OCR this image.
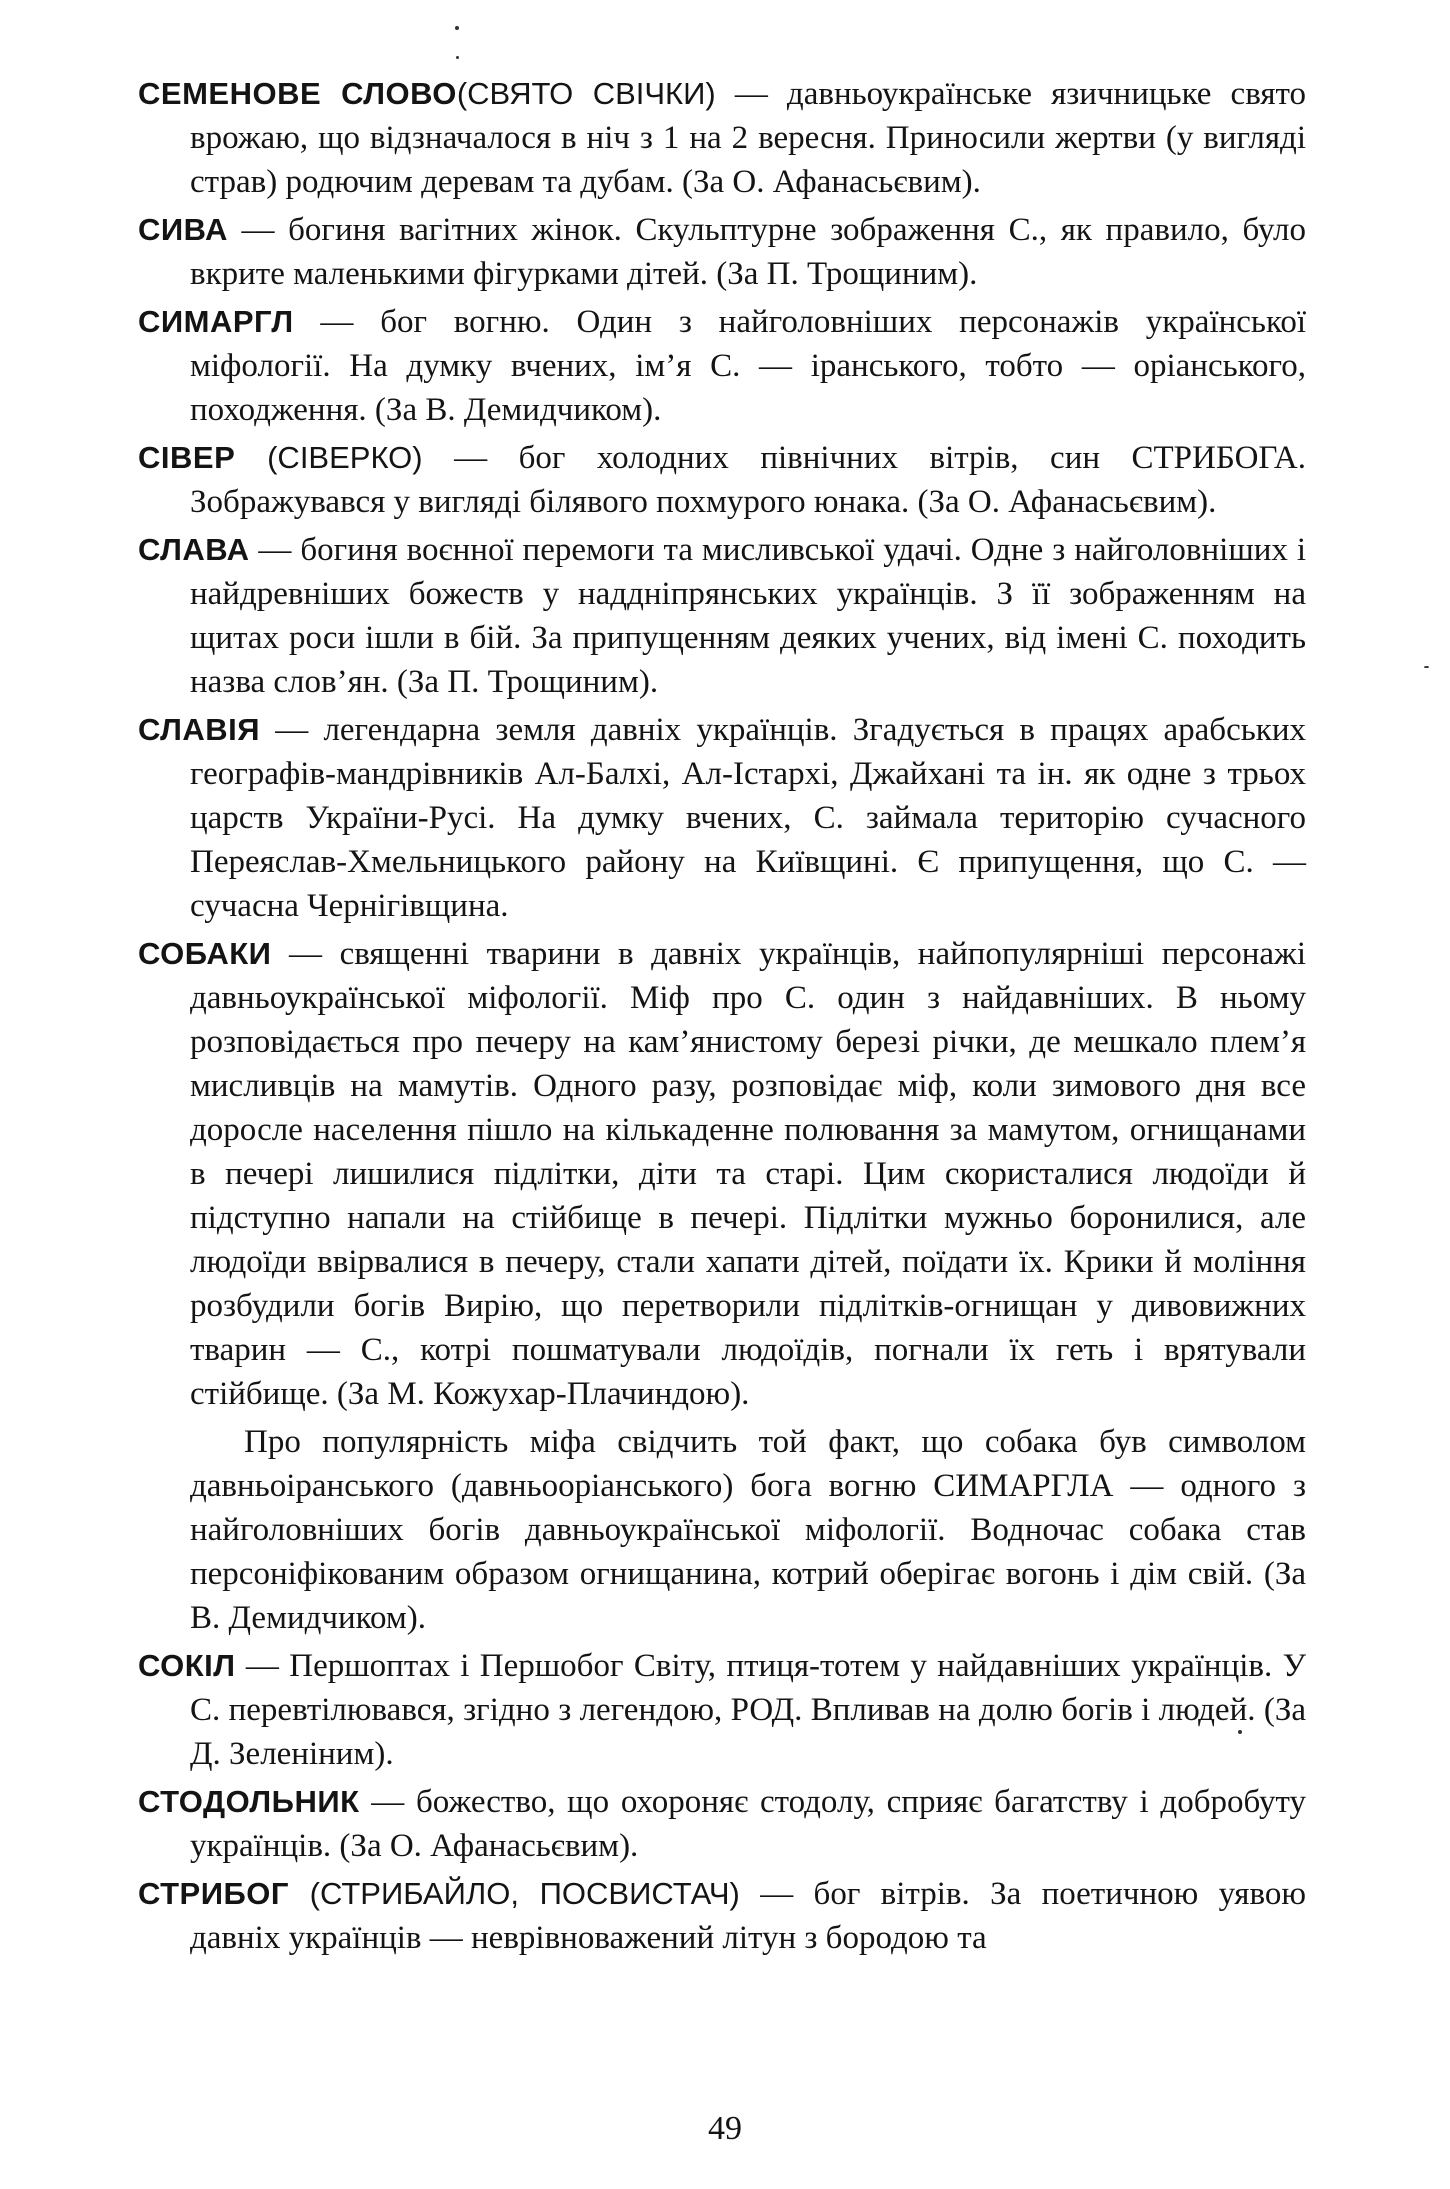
СЕМЕНОВЕ СЛОВО(СВЯТО СВІЧКИ) — давньоукраїнське язичницьке свято врожаю, що відзначалося в ніч з 1 на 2 вересня. Приносили жертви (у вигляді страв) родючим деревам та дубам. (За О. Афанасьєвим).

СИВА — богиня вагітних жінок. Скульптурне зображення С., як правило, було вкрите маленькими фігурками дітей. (За П. Трощиним).

СИМАРГЛ — бог вогню. Один з найголовніших персонажів української міфології. На думку вчених, ім’я С. — іранського, тобто — оріанського, походження. (За В. Демидчиком).

СІВЕР (СІВЕРКО) — бог холодних північних вітрів, син СТРИБОГА. Зображувався у вигляді білявого похмурого юнака. (За О. Афанасьєвим).

СЛАВА — богиня воєнної перемоги та мисливської удачі. Одне з найголовніших і найдревніших божеств у наддніпрянських українців. З її зображенням на щитах роси ішли в бій. За припущенням деяких учених, від імені С. походить назва слов’ян. (За П. Трощиним).

СЛАВІЯ — легендарна земля давніх українців. Згадується в працях арабських географів-мандрівників Ал-Балхі, Ал-Істархі, Джайхані та ін. як одне з трьох царств України-Русі. На думку вчених, С. займала територію сучасного Переяслав-Хмельницького району на Київщині. Є припущення, що С. — сучасна Чернігівщина.

СОБАКИ — священні тварини в давніх українців, найпопулярніші персонажі давньоукраїнської міфології. Міф про С. один з найдавніших. В ньому розповідається про печеру на кам’янистому березі річки, де мешкало плем’я мисливців на мамутів. Одного разу, розповідає міф, коли зимового дня все доросле населення пішло на кількаденне полювання за мамутом, огнищанами в печері лишилися підлітки, діти та старі. Цим скористалися людоїди й підступно напали на стійбище в печері. Підлітки мужньо боронилися, але людоїди ввірвалися в печеру, стали хапати дітей, поїдати їх. Крики й моління розбудили богів Вирію, що перетворили підлітків-огнищан у дивовижних тварин — С., котрі пошматували людоїдів, погнали їх геть і врятували стійбище. (За М. Кожухар-Плачиндою).

Про популярність міфа свідчить той факт, що собака був символом давньоіранського (давньооріанського) бога вогню СИМАРГЛА — одного з найголовніших богів давньоукраїнської міфології. Водночас собака став персоніфікованим образом огнищанина, котрий оберігає вогонь і дім свій. (За В. Демидчиком).

СОКІЛ — Першоптах і Першобог Світу, птиця-тотем у найдавніших українців. У С. перевтілювався, згідно з легендою, РОД. Впливав на долю богів і людей. (За Д. Зеленіним).

СТОДОЛЬНИК — божество, що охороняє стодолу, сприяє багатству і добробуту українців. (За О. Афанасьєвим).

СТРИБОГ (СТРИБАЙЛО, ПОСВИСТАЧ) — бог вітрів. За поетичною уявою давніх українців — неврівноважений літун з бородою та

49
